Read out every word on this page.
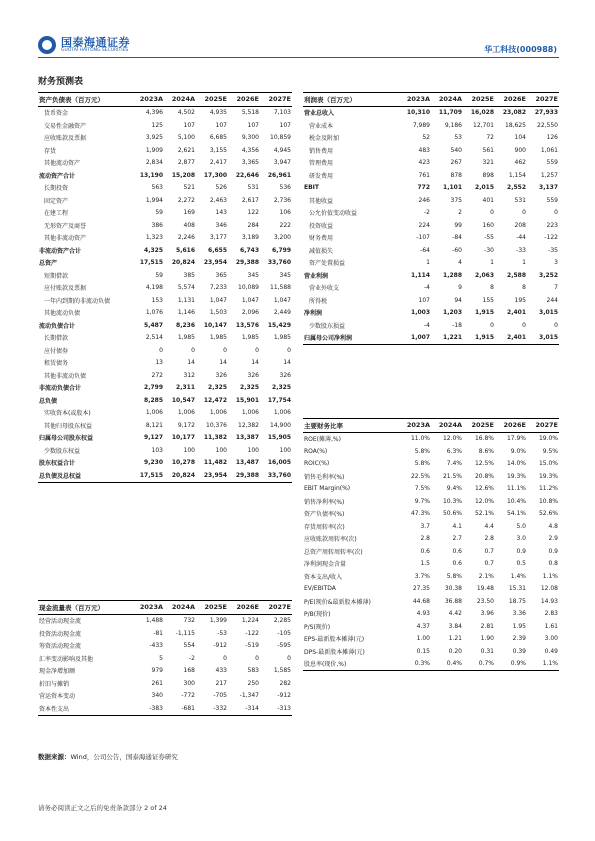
国泰海通证券
GUOTAI HAITONG SECURITIES	华工科技(000988)
财务预测表
资产负债表（百万元）	2023A	2024A	2025E	2026E	2027E
货币资金	4,396	4,502	4,935	5,518	7,103
交易性金融资产	125	107	107	107	107
应收账款及票据	3,925	5,100	6,685	9,300	10,859
存货	1,909	2,621	3,155	4,356	4,945
其他流动资产	2,834	2,877	2,417	3,365	3,947
流动资产合计	13,190	15,208	17,300	22,646	26,961
长期投资	563	521	526	531	536
固定资产	1,994	2,272	2,463	2,617	2,736
在建工程	59	169	143	122	106
无形资产及商誉	386	408	346	284	222
其他非流动资产	1,323	2,246	3,177	3,189	3,200
非流动资产合计	4,325	5,616	6,655	6,743	6,799
总资产	17,515	20,824	23,954	29,388	33,760
短期借款	59	385	365	345	345
应付账款及票据	4,198	5,574	7,233	10,089	11,588
一年内到期的非流动负债	153	1,131	1,047	1,047	1,047
其他流动负债	1,076	1,146	1,503	2,096	2,449
流动负债合计	5,487	8,236	10,147	13,576	15,429
长期借款	2,514	1,985	1,985	1,985	1,985
应付债券	0	0	0	0	0
租赁债务	13	14	14	14	14
其他非流动负债	272	312	326	326	326
非流动负债合计	2,799	2,311	2,325	2,325	2,325
总负债	8,285	10,547	12,472	15,901	17,754
实收资本(或股本)	1,006	1,006	1,006	1,006	1,006
其他归母股东权益	8,121	9,172	10,376	12,382	14,900
归属母公司股东权益	9,127	10,177	11,382	13,387	15,905
少数股东权益	103	100	100	100	100
股东权益合计	9,230	10,278	11,482	13,487	16,005
总负债及总权益	17,515	20,824	23,954	29,388	33,760
利润表（百万元）	2023A	2024A	2025E	2026E	2027E
营业总收入	10,310	11,709	16,028	23,082	27,933
营业成本	7,989	9,186	12,701	18,625	22,550
税金及附加	52	53	72	104	126
销售费用	483	540	561	900	1,061
管理费用	423	267	321	462	559
研发费用	761	878	898	1,154	1,257
EBIT	772	1,101	2,015	2,552	3,137
其他收益	246	375	401	531	559
公允价值变动收益	-2	2	0	0	0
投资收益	224	99	160	208	223
财务费用	-107	-84	-55	-44	-122
减值损失	-64	-60	-30	-33	-35
资产处置损益	1	4	1	1	3
营业利润	1,114	1,288	2,063	2,588	3,252
营业外收支	-4	9	8	8	7
所得税	107	94	155	195	244
净利润	1,003	1,203	1,915	2,401	3,015
少数股东损益	-4	-18	0	0	0
归属母公司净利润	1,007	1,221	1,915	2,401	3,015
主要财务比率	2023A	2024A	2025E	2026E	2027E
ROE(摊薄,%)	11.0%	12.0%	16.8%	17.9%	19.0%
ROA(%)	5.8%	6.3%	8.6%	9.0%	9.5%
ROIC(%)	5.8%	7.4%	12.5%	14.0%	15.0%
销售毛利率(%)	22.5%	21.5%	20.8%	19.3%	19.3%
EBIT Margin(%)	7.5%	9.4%	12.6%	11.1%	11.2%
销售净利率(%)	9.7%	10.3%	12.0%	10.4%	10.8%
资产负债率(%)	47.3%	50.6%	52.1%	54.1%	52.6%
存货周转率(次)	3.7	4.1	4.4	5.0	4.8
应收账款周转率(次)	2.8	2.7	2.8	3.0	2.9
总资产周转周转率(次)	0.6	0.6	0.7	0.9	0.9
净利润现金含量	1.5	0.6	0.7	0.5	0.8
资本支出/收入	3.7%	5.8%	2.1%	1.4%	1.1%
EV/EBITDA	27.35	30.38	19.48	15.31	12.08
P/E(现价&最新股本摊薄)	44.68	36.88	23.50	18.75	14.93
P/B(现价)	4.93	4.42	3.96	3.36	2.83
P/S(现价)	4.37	3.84	2.81	1.95	1.61
EPS-最新股本摊薄(元)	1.00	1.21	1.90	2.39	3.00
DPS-最新股本摊薄(元)	0.15	0.20	0.31	0.39	0.49
股息率(现价,%)	0.3%	0.4%	0.7%	0.9%	1.1%
现金流量表（百万元）	2023A	2024A	2025E	2026E	2027E
经营活动现金流	1,488	732	1,399	1,224	2,285
投资活动现金流	-81	-1,115	-53	-122	-105
筹资活动现金流	-433	554	-912	-519	-595
汇率变动影响及其他	5	-2	0	0	0
现金净增加额	979	168	433	583	1,585
折旧与摊销	261	300	217	250	282
营运资本变动	340	-772	-705	-1,347	-912
资本性支出	-383	-681	-332	-314	-313
数据来源：Wind，公司公告，国泰海通证券研究
请务必阅读正文之后的免责条款部分 2 of 24
